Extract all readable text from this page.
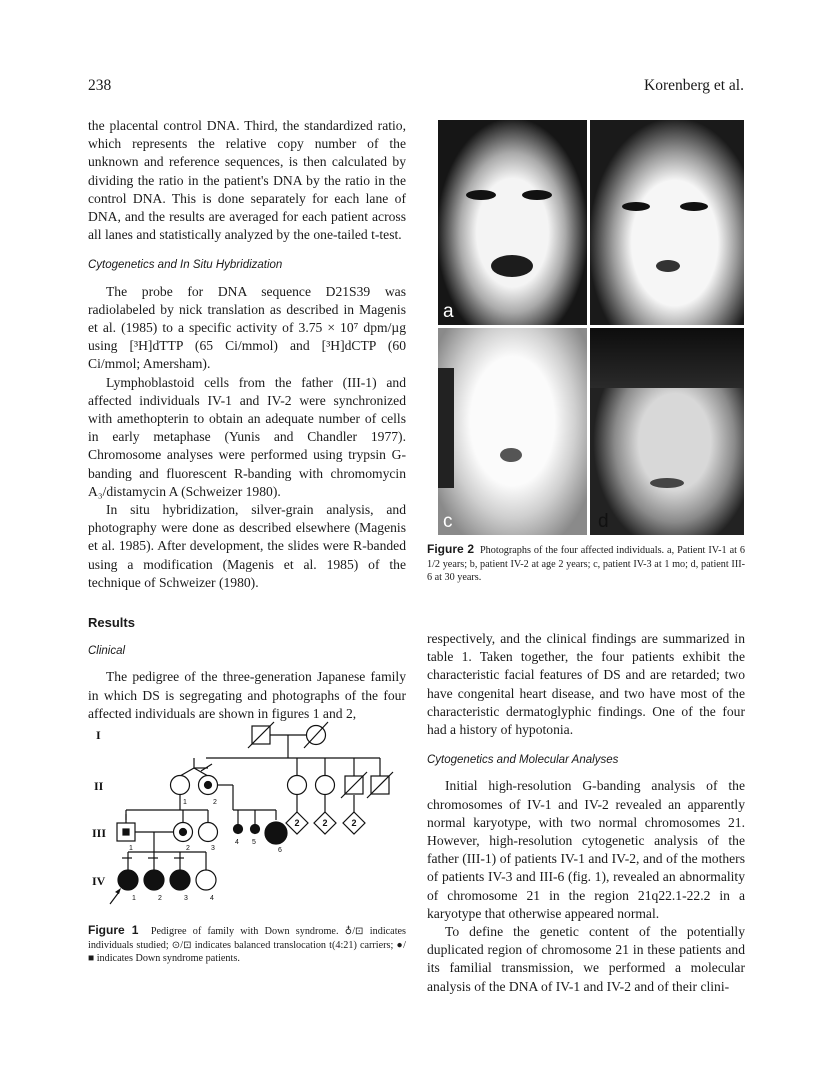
238	Korenberg et al.

the placental control DNA. Third, the standardized ratio, which represents the relative copy number of the unknown and reference sequences, is then calculated by dividing the ratio in the patient's DNA by the ratio in the control DNA. This is done separately for each lane of DNA, and the results are averaged for each patient across all lanes and statistically analyzed by the one-tailed t-test.

Cytogenetics and In Situ Hybridization

The probe for DNA sequence D21S39 was radiolabeled by nick translation as described in Magenis et al. (1985) to a specific activity of 3.75 × 10⁷ dpm/µg using [³H]dTTP (65 Ci/mmol) and [³H]dCTP (60 Ci/mmol; Amersham).

Lymphoblastoid cells from the father (III-1) and affected individuals IV-1 and IV-2 were synchronized with amethopterin to obtain an adequate number of cells in early metaphase (Yunis and Chandler 1977). Chromosome analyses were performed using trypsin G-banding and fluorescent R-banding with chromomycin A₃/distamycin A (Schweizer 1980).

In situ hybridization, silver-grain analysis, and photography were done as described elsewhere (Magenis et al. 1985). After development, the slides were R-banded using a modification (Magenis et al. 1985) of the technique of Schweizer (1980).

Results

Clinical

The pedigree of the three-generation Japanese family in which DS is segregating and photographs of the four affected individuals are shown in figures 1 and 2,

respectively, and the clinical findings are summarized in table 1. Taken together, the four patients exhibit the characteristic facial features of DS and are retarded; two have congenital heart disease, and two have most of the characteristic dermatoglyphic findings. One of the four had a history of hypotonia.

Cytogenetics and Molecular Analyses

Initial high-resolution G-banding analysis of the chromosomes of IV-1 and IV-2 revealed an apparently normal karyotype, with two normal chromosomes 21. However, high-resolution cytogenetic analysis of the father (III-1) of patients IV-1 and IV-2, and of the mothers of patients IV-3 and III-6 (fig. 1), revealed an abnormality of chromosome 21 in the region 21q22.1-22.2 in a karyotype that otherwise appeared normal.

To define the genetic content of the potentially duplicated region of chromosome 21 in these patients and its familial transmission, we performed a molecular analysis of the DNA of IV-1 and IV-2 and of their clini-

a
c	d
Figure 2 Photographs of the four affected individuals. a, Patient IV-1 at 6 1/2 years; b, patient IV-2 at age 2 years; c, patient IV-3 at 1 mo; d, patient III-6 at 30 years.
I
II
III
IV
1	2
1	2	3
4 5
6
1	2	3	4
2	2	2
Figure 1 Pedigree of family with Down syndrome. ♁/⊡ indicates individuals studied; ⊙/⊡ indicates balanced translocation t(4:21) carriers; ●/■ indicates Down syndrome patients.
